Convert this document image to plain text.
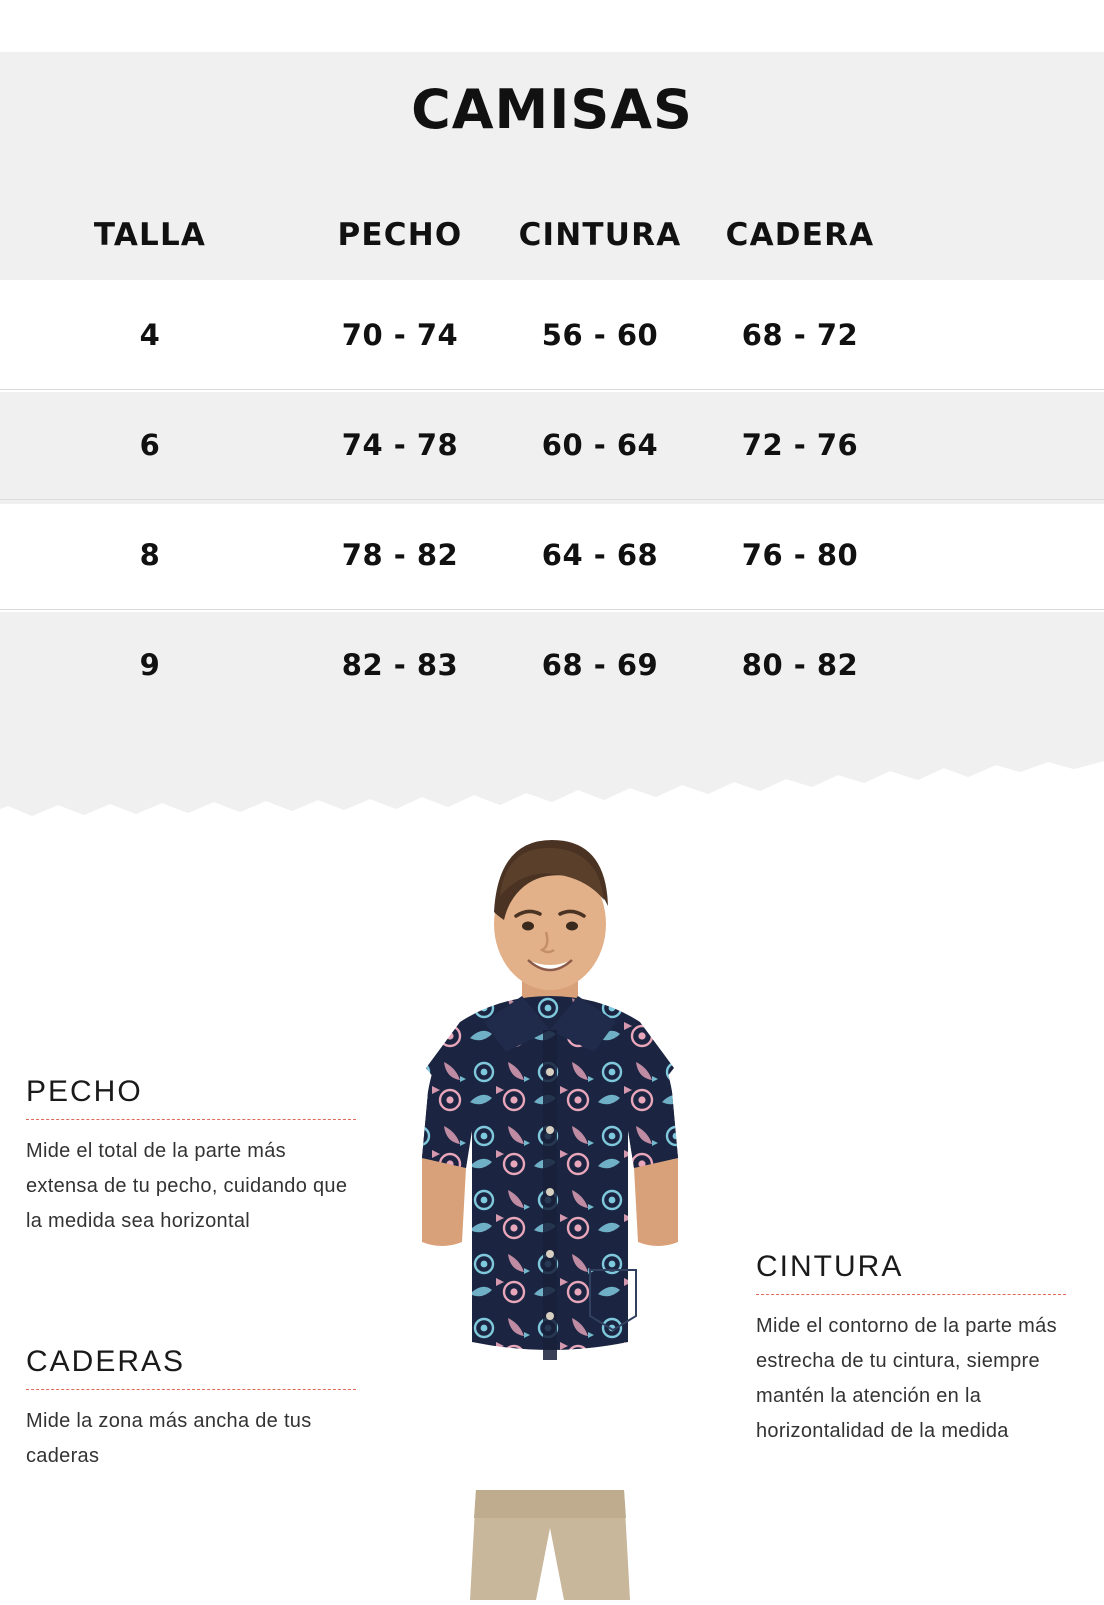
CAMISAS
TALLA	PECHO	CINTURA	CADERA
4	70 - 74	56 - 60	68 - 72
6	74 - 78	60 - 64	72 - 76
8	78 - 82	64 - 68	76 - 80
9	82 - 83	68 - 69	80 - 82
PECHO

Mide el total de la parte más extensa de tu pecho, cuidando que la medida sea horizontal

CADERAS

Mide la zona más ancha de tus caderas

CINTURA

Mide el contorno de la parte más estrecha de tu cintura, siempre mantén la atención en la horizontalidad de la medida
